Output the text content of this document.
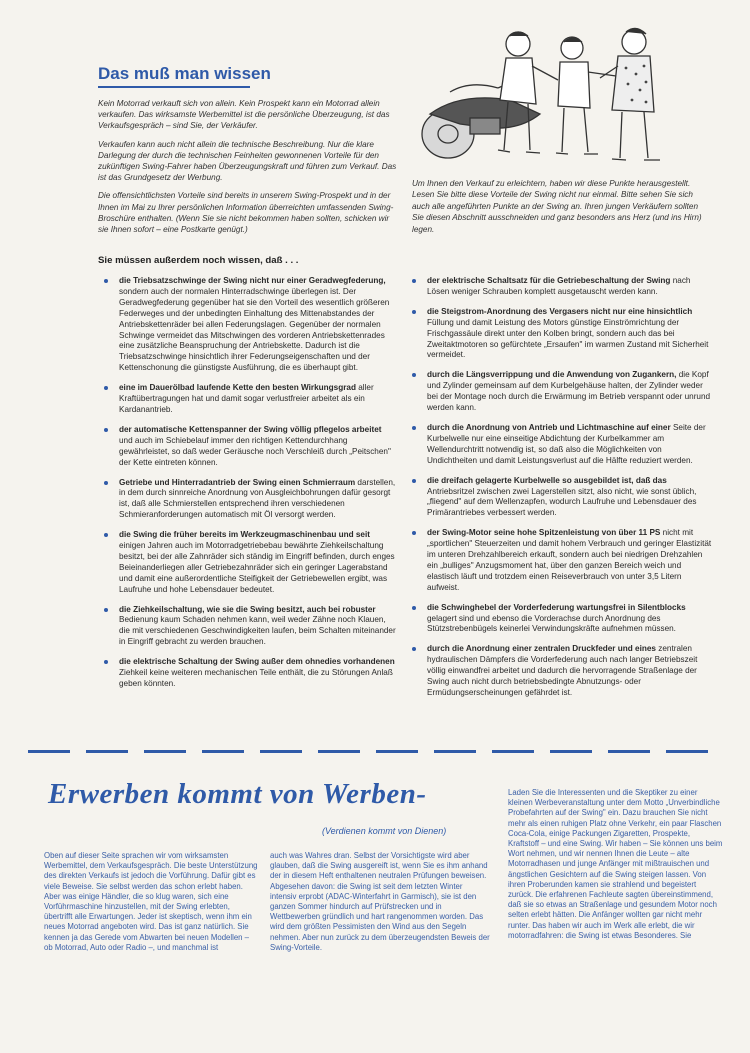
Das muß man wissen

Kein Motorrad verkauft sich von allein. Kein Prospekt kann ein Motorrad allein verkaufen. Das wirksamste Werbemittel ist die persönliche Überzeugung, ist das Verkaufsgespräch – sind Sie, der Verkäufer.

Verkaufen kann auch nicht allein die technische Beschreibung. Nur die klare Darlegung der durch die technischen Feinheiten gewonnenen Vorteile für den zukünftigen Swing-Fahrer haben Überzeugungskraft und führen zum Verkauf. Das ist das Grundgesetz der Werbung.

Die offensichtlichsten Vorteile sind bereits in unserem Swing-Prospekt und in der Ihnen im Mai zu Ihrer persönlichen Information überreichten umfassenden Swing-Broschüre enthalten. (Wenn Sie sie nicht bekommen haben sollten, schicken wir sie Ihnen sofort – eine Postkarte genügt.)

Um Ihnen den Verkauf zu erleichtern, haben wir diese Punkte herausgestellt. Lesen Sie bitte diese Vorteile der Swing nicht nur einmal. Bitte sehen Sie sich auch alle angeführten Punkte an der Swing an. Ihren jungen Verkäufern sollten Sie diesen Abschnitt ausschneiden und ganz besonders ans Herz (und ins Hirn) legen.
Sie müssen außerdem noch wissen, daß . . .
die Triebsatzschwinge der Swing nicht nur einer Geradwegfederung, sondern auch der normalen Hinterradschwinge überlegen ist. Der Geradwegfederung gegenüber hat sie den Vorteil des wesentlich größeren Federweges und der unbedingten Einhaltung des Mittenabstandes der Antriebskettenräder bei allen Federungslagen. Gegenüber der normalen Schwinge vermeidet das Mitschwingen des vorderen Antriebskettenrades eine zusätzliche Beanspruchung der Antriebskette. Dadurch ist die Triebsatzschwinge hinsichtlich ihrer Federungseigenschaften und der Kettenschonung die günstigste Ausführung, die es überhaupt gibt.
eine im Dauerölbad laufende Kette den besten Wirkungsgrad aller Kraftübertragungen hat und damit sogar verlustfreier arbeitet als ein Kardanantrieb.
der automatische Kettenspanner der Swing völlig pflegelos arbeitet und auch im Schiebelauf immer den richtigen Kettendurchhang gewährleistet, so daß weder Geräusche noch Verschleiß durch „Peitschen" der Kette eintreten können.
Getriebe und Hinterradantrieb der Swing einen Schmierraum darstellen, in dem durch sinnreiche Anordnung von Ausgleichbohrungen dafür gesorgt ist, daß alle Schmierstellen entsprechend ihren verschiedenen Schmieranforderungen automatisch mit Öl versorgt werden.
die Swing die früher bereits im Werkzeugmaschinenbau und seit einigen Jahren auch im Motorradgetriebebau bewährte Ziehkeilschaltung besitzt, bei der alle Zahnräder sich ständig im Eingriff befinden, durch enges Beieinanderliegen aller Getriebezahnräder sich ein geringer Lagerabstand und damit eine außerordentliche Steifigkeit der Getriebewellen ergibt, was Laufruhe und hohe Lebensdauer bedeutet.
die Ziehkeilschaltung, wie sie die Swing besitzt, auch bei robuster Bedienung kaum Schaden nehmen kann, weil weder Zähne noch Klauen, die mit verschiedenen Geschwindigkeiten laufen, beim Schalten miteinander in Eingriff gebracht zu werden brauchen.
die elektrische Schaltung der Swing außer dem ohnedies vorhandenen Ziehkeil keine weiteren mechanischen Teile enthält, die zu Störungen Anlaß geben könnten.
der elektrische Schaltsatz für die Getriebeschaltung der Swing nach Lösen weniger Schrauben komplett ausgetauscht werden kann.
die Steigstrom-Anordnung des Vergasers nicht nur eine hinsichtlich Füllung und damit Leistung des Motors günstige Einströmrichtung der Frischgassäule direkt unter den Kolben bringt, sondern auch das bei Zweitaktmotoren so gefürchtete „Ersaufen" im warmen Zustand mit Sicherheit vermeidet.
durch die Längsverrippung und die Anwendung von Zugankern, die Kopf und Zylinder gemeinsam auf dem Kurbelgehäuse halten, der Zylinder weder bei der Montage noch durch die Erwärmung im Betrieb verspannt oder unrund werden kann.
durch die Anordnung von Antrieb und Lichtmaschine auf einer Seite der Kurbelwelle nur eine einseitige Abdichtung der Kurbelkammer am Wellendurchtritt notwendig ist, so daß also die Möglichkeiten von Undichtheiten und damit Leistungsverlust auf die Hälfte reduziert werden.
die dreifach gelagerte Kurbelwelle so ausgebildet ist, daß das Antriebsritzel zwischen zwei Lagerstellen sitzt, also nicht, wie sonst üblich, „fliegend" auf dem Wellenzapfen, wodurch Laufruhe und Lebensdauer des Primärantriebes verbessert werden.
der Swing-Motor seine hohe Spitzenleistung von über 11 PS nicht mit „sportlichen" Steuerzeiten und damit hohem Verbrauch und geringer Elastizität im unteren Drehzahlbereich erkauft, sondern auch bei niedrigen Drehzahlen ein „bulliges" Anzugsmoment hat, über den ganzen Bereich weich und elastisch läuft und trotzdem einen Reiseverbrauch von unter 3,5 Litern aufweist.
die Schwinghebel der Vorderfederung wartungsfrei in Silentblocks gelagert sind und ebenso die Vorderachse durch Anordnung des Stützstrebenbügels keinerlei Verwindungskräfte aufnehmen müssen.
durch die Anordnung einer zentralen Druckfeder und eines zentralen hydraulischen Dämpfers die Vorderfederung auch nach langer Betriebszeit völlig einwandfrei arbeitet und dadurch die hervorragende Straßenlage der Swing auch nicht durch betriebsbedingte Abnutzungs- oder Ermüdungserscheinungen gefährdet ist.
Erwerben kommt von Werben-
(Verdienen kommt von Dienen)

Oben auf dieser Seite sprachen wir vom wirksamsten Werbemittel, dem Verkaufsgespräch. Die beste Unterstützung des direkten Verkaufs ist jedoch die Vorführung. Dafür gibt es viele Beweise. Sie selbst werden das schon erlebt haben. Aber was einige Händler, die so klug waren, sich eine Vorführmaschine hinzustellen, mit der Swing erlebten, übertrifft alle Erwartungen. Jeder ist skeptisch, wenn ihm ein neues Motorrad angeboten wird. Das ist ganz natürlich. Sie kennen ja das Gerede vom Abwarten bei neuen Modellen – ob Motorrad, Auto oder Radio –, und manchmal ist

auch was Wahres dran. Selbst der Vorsichtigste wird aber glauben, daß die Swing ausgereift ist, wenn Sie es ihm anhand der in diesem Heft enthaltenen neutralen Prüfungen beweisen. Abgesehen davon: die Swing ist seit dem letzten Winter intensiv erprobt (ADAC-Winterfahrt in Garmisch), sie ist den ganzen Sommer hindurch auf Prüfstrecken und in Wettbewerben gründlich und hart rangenommen worden. Das wird dem größten Pessimisten den Wind aus den Segeln nehmen. Aber nun zurück zu dem überzeugendsten Beweis der Swing-Vorteile.

Laden Sie die Interessenten und die Skeptiker zu einer kleinen Werbeveranstaltung unter dem Motto „Unverbindliche Probefahrten auf der Swing" ein. Dazu brauchen Sie nicht mehr als einen ruhigen Platz ohne Verkehr, ein paar Flaschen Coca-Cola, einige Packungen Zigaretten, Prospekte, Kraftstoff – und eine Swing. Wir haben – Sie können uns beim Wort nehmen, und wir nennen Ihnen die Leute – alte Motorradhasen und junge Anfänger mit mißtrauischen und ängstlichen Gesichtern auf die Swing steigen lassen. Von ihren Proberunden kamen sie strahlend und begeistert zurück. Die erfahrenen Fachleute sagten übereinstimmend, daß sie so etwas an Straßenlage und gesundem Motor noch selten erlebt hätten. Die Anfänger wollten gar nicht mehr runter. Das haben wir auch im Werk alle erlebt, die wir motorradfahren: die Swing ist etwas Besonderes. Sie
